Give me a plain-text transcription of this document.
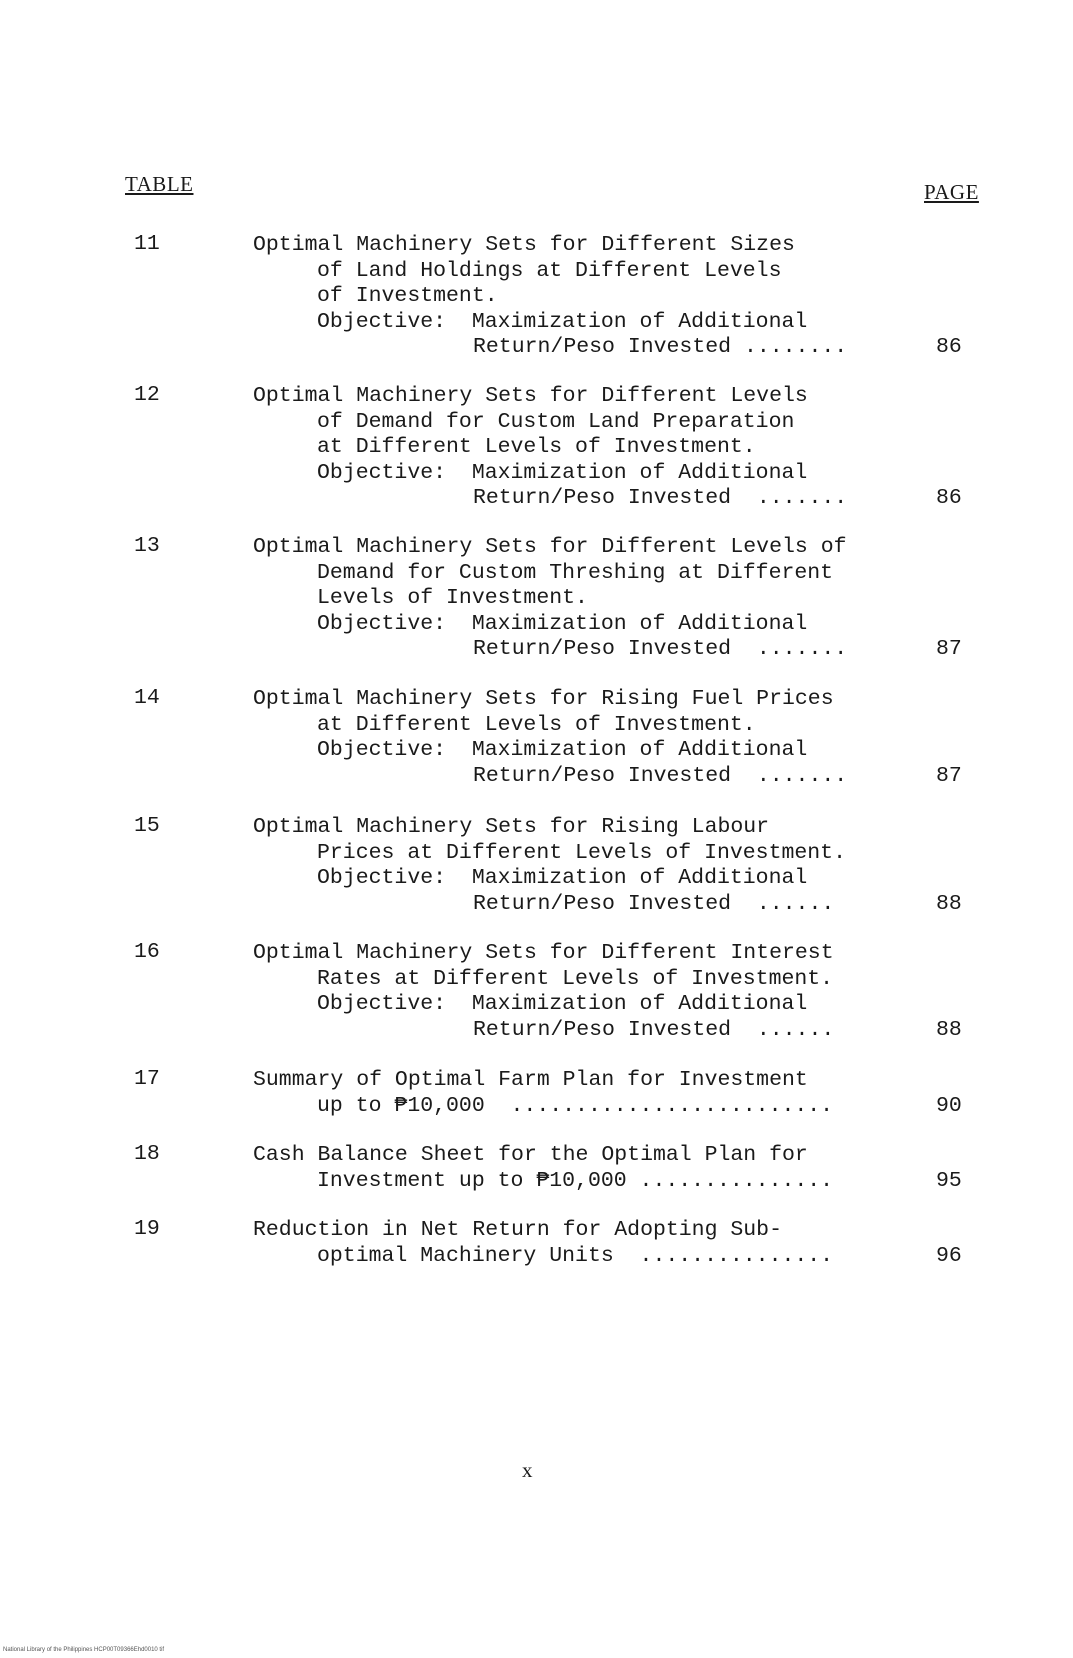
TABLE	PAGE
11	Optimal Machinery Sets for Different Sizes
of Land Holdings at Different Levels
of Investment.
Objective:  Maximization of Additional
Return/Peso Invested ........	86
12	Optimal Machinery Sets for Different Levels
of Demand for Custom Land Preparation
at Different Levels of Investment.
Objective:  Maximization of Additional
Return/Peso Invested  .......	86
13	Optimal Machinery Sets for Different Levels of
Demand for Custom Threshing at Different
Levels of Investment.
Objective:  Maximization of Additional
Return/Peso Invested  .......	87
14	Optimal Machinery Sets for Rising Fuel Prices
at Different Levels of Investment.
Objective:  Maximization of Additional
Return/Peso Invested  .......	87
15	Optimal Machinery Sets for Rising Labour
Prices at Different Levels of Investment.
Objective:  Maximization of Additional
Return/Peso Invested  ......	88
16	Optimal Machinery Sets for Different Interest
Rates at Different Levels of Investment.
Objective:  Maximization of Additional
Return/Peso Invested  ......	88
17	Summary of Optimal Farm Plan for Investment
up to ₱10,000  .........................	90
18	Cash Balance Sheet for the Optimal Plan for
Investment up to ₱10,000 ...............	95
19	Reduction in Net Return for Adopting Sub-
optimal Machinery Units  ...............	96
x
National Library of the Philippines HCP00T09366Ehd0010 tif
